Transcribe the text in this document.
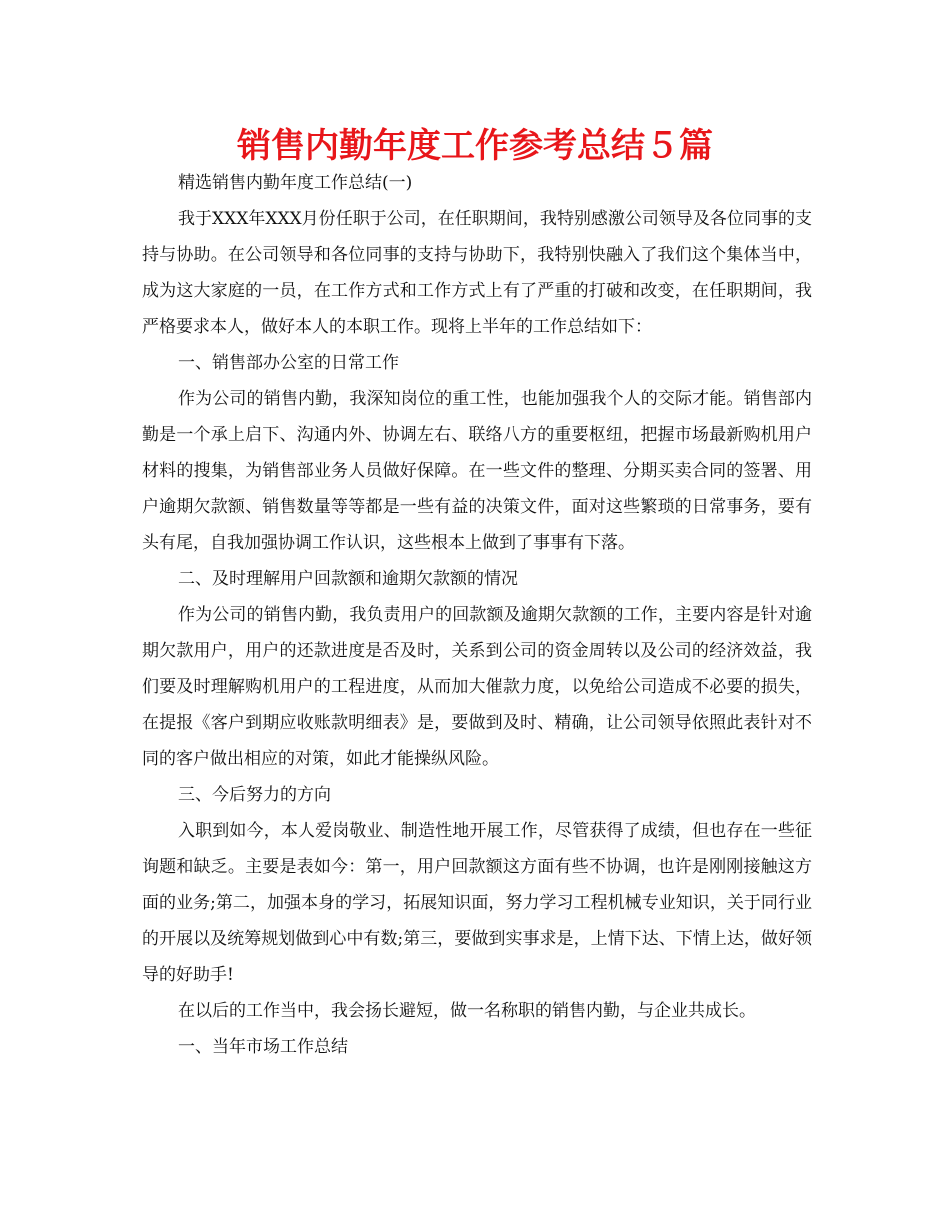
销售内勤年度工作参考总结５篇

精选销售内勤年度工作总结(一)

我于XXX年XXX月份任职于公司，在任职期间，我特别感激公司领导及各位同事的支持与协助。在公司领导和各位同事的支持与协助下，我特别快融入了我们这个集体当中，成为这大家庭的一员，在工作方式和工作方式上有了严重的打破和改变，在任职期间，我严格要求本人，做好本人的本职工作。现将上半年的工作总结如下：

一、销售部办公室的日常工作

作为公司的销售内勤，我深知岗位的重工性，也能加强我个人的交际才能。销售部内勤是一个承上启下、沟通内外、协调左右、联络八方的重要枢纽，把握市场最新购机用户材料的搜集，为销售部业务人员做好保障。在一些文件的整理、分期买卖合同的签署、用户逾期欠款额、销售数量等等都是一些有益的决策文件，面对这些繁琐的日常事务，要有头有尾，自我加强协调工作认识，这些根本上做到了事事有下落。

二、及时理解用户回款额和逾期欠款额的情况

作为公司的销售内勤，我负责用户的回款额及逾期欠款额的工作，主要内容是针对逾期欠款用户，用户的还款进度是否及时，关系到公司的资金周转以及公司的经济效益，我们要及时理解购机用户的工程进度，从而加大催款力度，以免给公司造成不必要的损失，在提报《客户到期应收账款明细表》是，要做到及时、精确，让公司领导依照此表针对不同的客户做出相应的对策，如此才能操纵风险。

三、今后努力的方向

入职到如今，本人爱岗敬业、制造性地开展工作，尽管获得了成绩，但也存在一些征询题和缺乏。主要是表如今：第一，用户回款额这方面有些不协调，也许是刚刚接触这方面的业务;第二，加强本身的学习，拓展知识面，努力学习工程机械专业知识，关于同行业的开展以及统筹规划做到心中有数;第三，要做到实事求是，上情下达、下情上达，做好领导的好助手!

在以后的工作当中，我会扬长避短，做一名称职的销售内勤，与企业共成长。

一、当年市场工作总结
